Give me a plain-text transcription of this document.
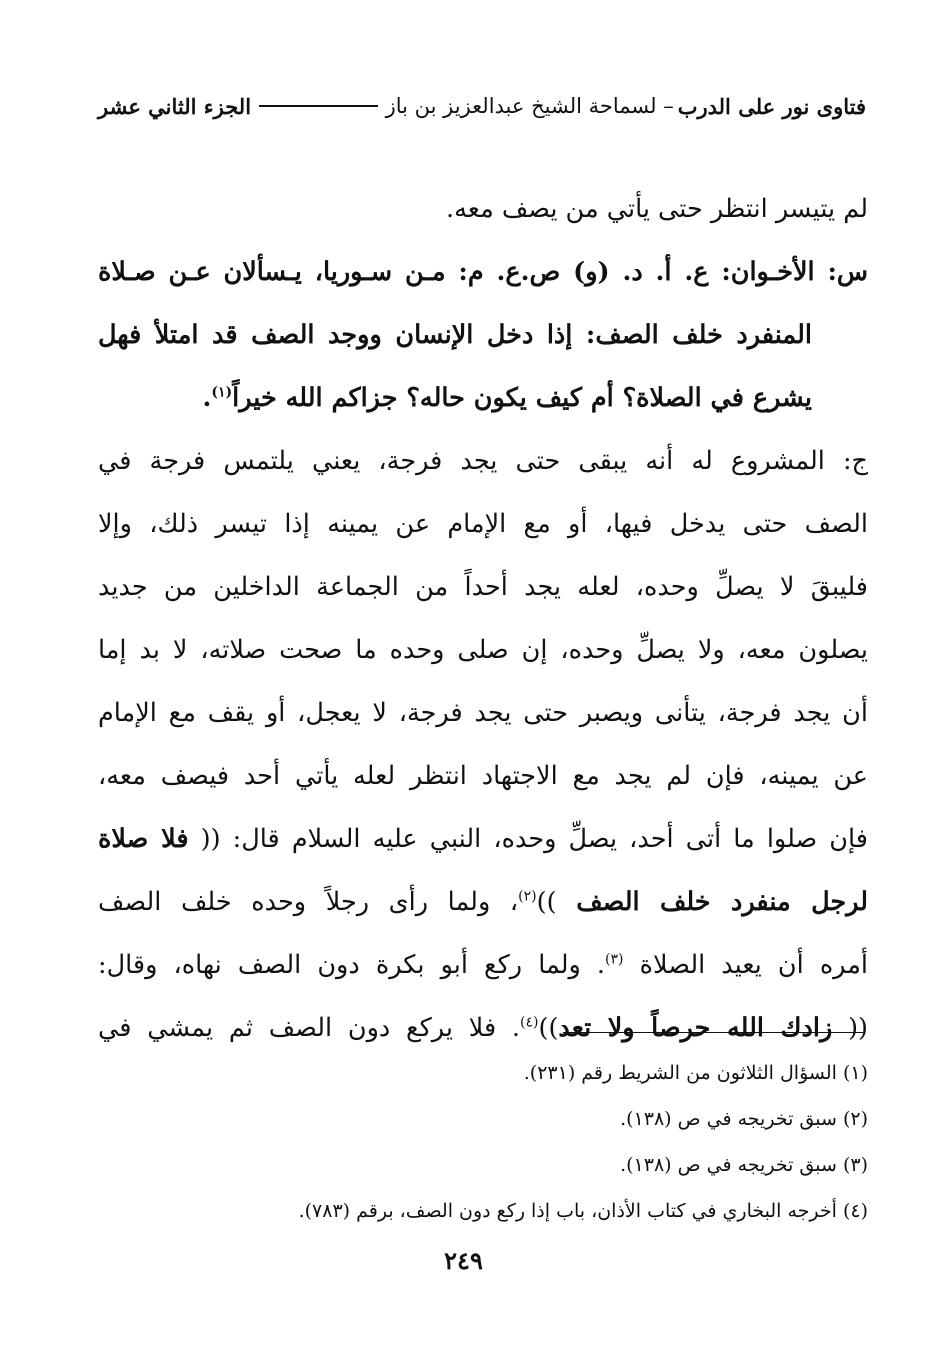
فتاوى نور على الدرب
– لسماحة الشيخ عبدالعزيز بن باز
الجزء الثاني عشر
لم يتيسر انتظر حتى يأتي من يصف معه.
س: الأخـوان: ع. أ. د. (و) ص.ع. م: مـن سـوريا، يـسألان عـن صـلاة
المنفرد خلف الصف: إذا دخل الإنسان ووجد الصف قد امتلأ فهل
يشرع في الصلاة؟ أم كيف يكون حاله؟ جزاكم الله خيراً$^{(١)}$.
ج: المشروع له أنه يبقى حتى يجد فرجة، يعني يلتمس فرجة في
الصف حتى يدخل فيها، أو مع الإمام عن يمينه إذا تيسر ذلك، وإلا
فليبقَ لا يصلِّ وحده، لعله يجد أحداً من الجماعة الداخلين من جديد
يصلون معه، ولا يصلِّ وحده، إن صلى وحده ما صحت صلاته، لا بد إما
أن يجد فرجة، يتأنى ويصبر حتى يجد فرجة، لا يعجل، أو يقف مع الإمام
عن يمينه، فإن لم يجد مع الاجتهاد انتظر لعله يأتي أحد فيصف معه،
فإن صلوا ما أتى أحد، يصلِّ وحده، النبي عليه السلام قال: (( فلا صلاة
لرجل منفرد خلف الصف ))$^{(٢)}$، ولما رأى رجلاً وحده خلف الصف
أمره أن يعيد الصلاة $^{(٣)}$. ولما ركع أبو بكرة دون الصف نهاه، وقال:
(( زادك الله حرصاً ولا تعد))$^{(٤)}$. فلا يركع دون الصف ثم يمشي في
(١) السؤال الثلاثون من الشريط رقم (٢٣١).
(٢) سبق تخريجه في ص (١٣٨).
(٣) سبق تخريجه في ص (١٣٨).
(٤) أخرجه البخاري في كتاب الأذان، باب إذا ركع دون الصف، برقم (٧٨٣).
٢٤٩
